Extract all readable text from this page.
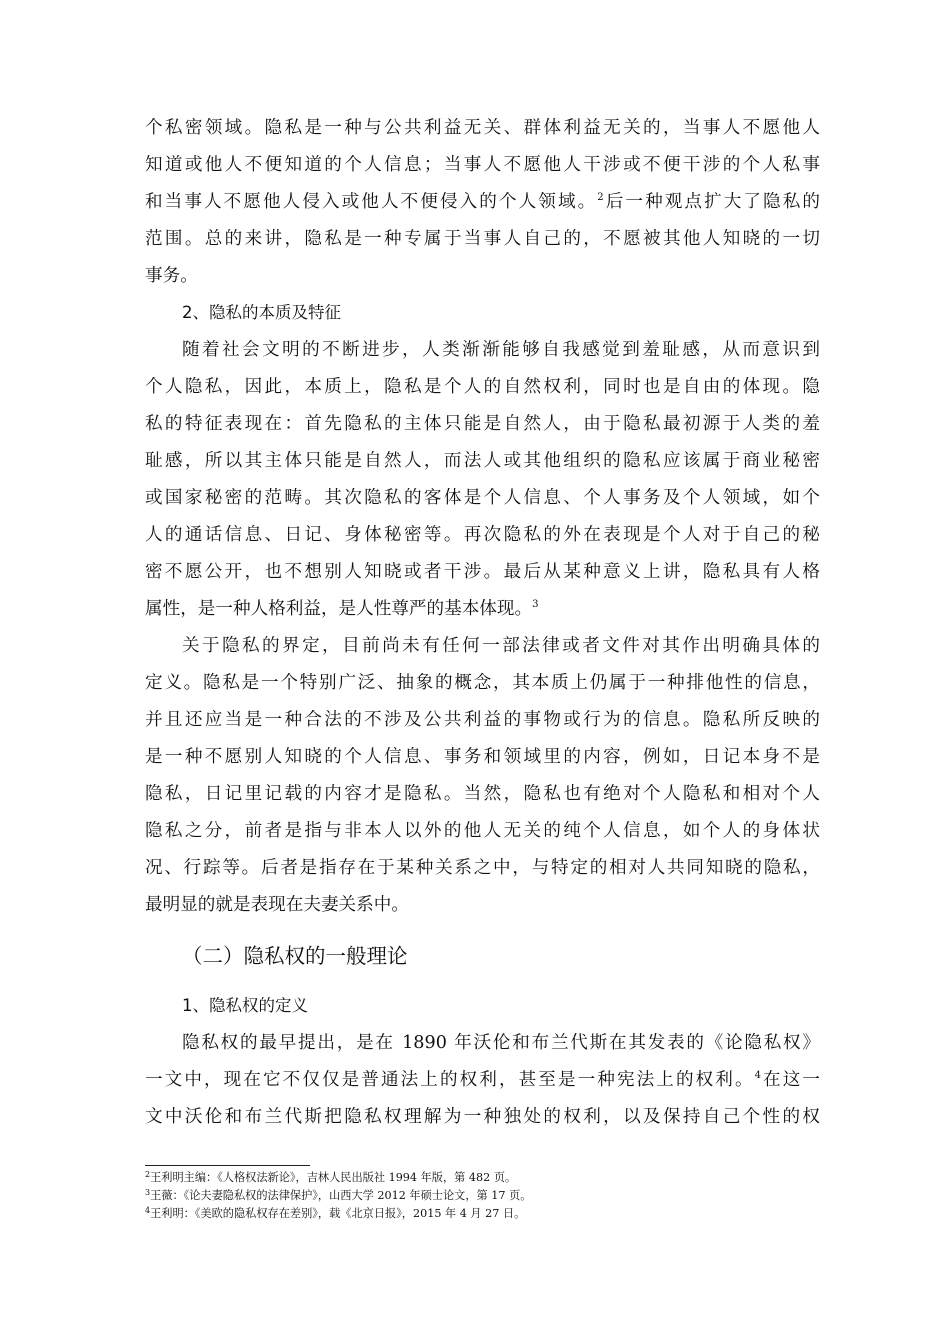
个私密领域。隐私是一种与公共利益无关、群体利益无关的，当事人不愿他人

知道或他人不便知道的个人信息；当事人不愿他人干涉或不便干涉的个人私事

和当事人不愿他人侵入或他人不便侵入的个人领域。$^2$后一种观点扩大了隐私的

范围。总的来讲，隐私是一种专属于当事人自己的，不愿被其他人知晓的一切

事务。

2、隐私的本质及特征

随着社会文明的不断进步，人类渐渐能够自我感觉到羞耻感，从而意识到

个人隐私，因此，本质上，隐私是个人的自然权利，同时也是自由的体现。隐

私的特征表现在：首先隐私的主体只能是自然人，由于隐私最初源于人类的羞

耻感，所以其主体只能是自然人，而法人或其他组织的隐私应该属于商业秘密

或国家秘密的范畴。其次隐私的客体是个人信息、个人事务及个人领域，如个

人的通话信息、日记、身体秘密等。再次隐私的外在表现是个人对于自己的秘

密不愿公开，也不想别人知晓或者干涉。最后从某种意义上讲，隐私具有人格

属性，是一种人格利益，是人性尊严的基本体现。$^3$

关于隐私的界定，目前尚未有任何一部法律或者文件对其作出明确具体的

定义。隐私是一个特别广泛、抽象的概念，其本质上仍属于一种排他性的信息，

并且还应当是一种合法的不涉及公共利益的事物或行为的信息。隐私所反映的

是一种不愿别人知晓的个人信息、事务和领域里的内容，例如，日记本身不是

隐私，日记里记载的内容才是隐私。当然，隐私也有绝对个人隐私和相对个人

隐私之分，前者是指与非本人以外的他人无关的纯个人信息，如个人的身体状

况、行踪等。后者是指存在于某种关系之中，与特定的相对人共同知晓的隐私，

最明显的就是表现在夫妻关系中。

（二）隐私权的一般理论
1、隐私权的定义

隐私权的最早提出，是在 1890 年沃伦和布兰代斯在其发表的《论隐私权》

一文中，现在它不仅仅是普通法上的权利，甚至是一种宪法上的权利。$^4$在这一

文中沃伦和布兰代斯把隐私权理解为一种独处的权利，以及保持自己个性的权

$^2$王利明主编：《人格权法新论》，吉林人民出版社 1994 年版，第 482 页。

$^3$王薇：《论夫妻隐私权的法律保护》，山西大学 2012 年硕士论文，第 17 页。

$^4$王利明：《美欧的隐私权存在差别》，载《北京日报》，2015 年 4 月 27 日。
